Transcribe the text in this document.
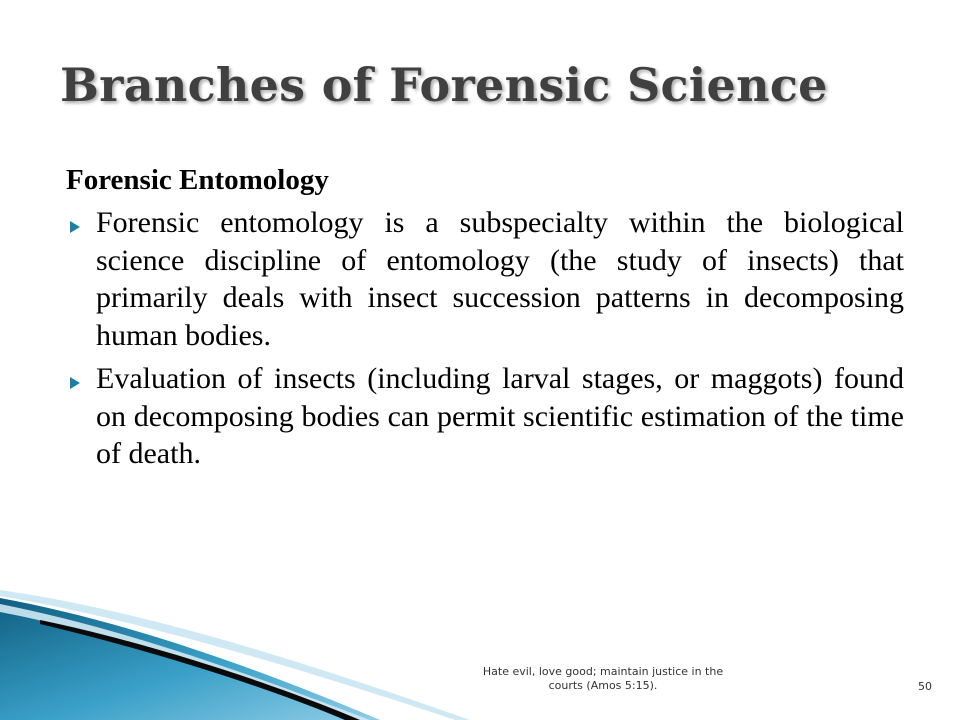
Branches of Forensic Science
Forensic Entomology
Forensic entomology is a subspecialty within the biological science discipline of entomology (the study of insects) that primarily deals with insect succession patterns in decomposing human bodies.
Evaluation of insects (including larval stages, or maggots) found on decomposing bodies can permit scientific estimation of the time of death.
Hate evil, love good; maintain justice in the courts (Amos 5:15).	50
